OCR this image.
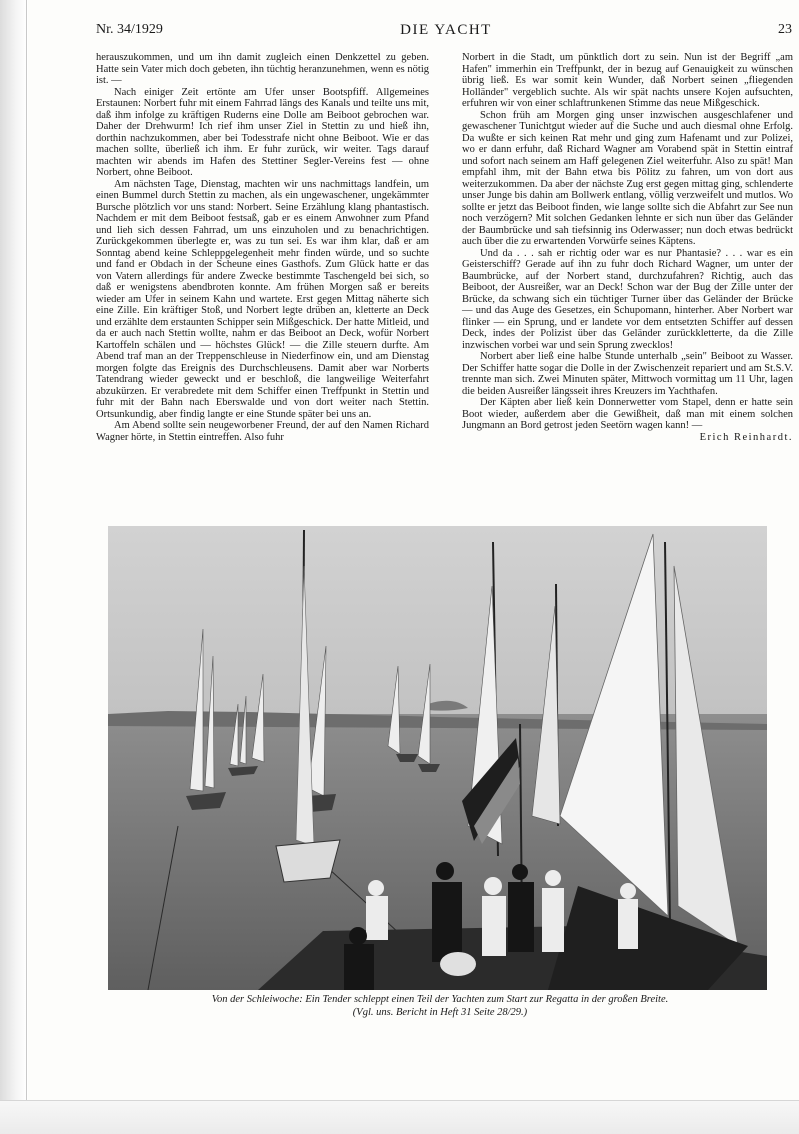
Nr. 34/1929	DIE YACHT	23

herauszukommen, und um ihn damit zugleich einen Denkzettel zu geben. Hatte sein Vater mich doch gebeten, ihn tüchtig heranzunehmen, wenn es nötig ist. —

Nach einiger Zeit ertönte am Ufer unser Bootspfiff. Allgemeines Erstaunen: Norbert fuhr mit einem Fahrrad längs des Kanals und teilte uns mit, daß ihm infolge zu kräftigen Ruderns eine Dolle am Beiboot gebrochen war. Daher der Drehwurm! Ich rief ihm unser Ziel in Stettin zu und hieß ihn, dorthin nachzukommen, aber bei Todesstrafe nicht ohne Beiboot. Wie er das machen sollte, überließ ich ihm. Er fuhr zurück, wir weiter. Tags darauf machten wir abends im Hafen des Stettiner Segler-Vereins fest — ohne Norbert, ohne Beiboot.

Am nächsten Tage, Dienstag, machten wir uns nachmittags landfein, um einen Bummel durch Stettin zu machen, als ein ungewaschener, ungekämmter Bursche plötzlich vor uns stand: Norbert. Seine Erzählung klang phantastisch. Nachdem er mit dem Beiboot festsaß, gab er es einem Anwohner zum Pfand und lieh sich dessen Fahrrad, um uns einzuholen und zu benachrichtigen. Zurückgekommen überlegte er, was zu tun sei. Es war ihm klar, daß er am Sonntag abend keine Schleppgelegenheit mehr finden würde, und so suchte und fand er Obdach in der Scheune eines Gasthofs. Zum Glück hatte er das von Vatern allerdings für andere Zwecke bestimmte Taschengeld bei sich, so daß er wenigstens abendbroten konnte. Am frühen Morgen saß er bereits wieder am Ufer in seinem Kahn und wartete. Erst gegen Mittag näherte sich eine Zille. Ein kräftiger Stoß, und Norbert legte drüben an, kletterte an Deck und erzählte dem erstaunten Schipper sein Mißgeschick. Der hatte Mitleid, und da er auch nach Stettin wollte, nahm er das Beiboot an Deck, wofür Norbert Kartoffeln schälen und — höchstes Glück! — die Zille steuern durfte. Am Abend traf man an der Treppenschleuse in Niederfinow ein, und am Dienstag morgen folgte das Ereignis des Durchschleusens. Damit aber war Norberts Tatendrang wieder geweckt und er beschloß, die langweilige Weiterfahrt abzukürzen. Er verabredete mit dem Schiffer einen Treffpunkt in Stettin und fuhr mit der Bahn nach Eberswalde und von dort weiter nach Stettin. Ortsunkundig, aber findig langte er eine Stunde später bei uns an.

Am Abend sollte sein neugeworbener Freund, der auf den Namen Richard Wagner hörte, in Stettin eintreffen. Also fuhr

Norbert in die Stadt, um pünktlich dort zu sein. Nun ist der Begriff „am Hafen" immerhin ein Treffpunkt, der in bezug auf Genauigkeit zu wünschen übrig ließ. Es war somit kein Wunder, daß Norbert seinen „fliegenden Holländer" vergeblich suchte. Als wir spät nachts unsere Kojen aufsuchten, erfuhren wir von einer schlaftrunkenen Stimme das neue Mißgeschick.

Schon früh am Morgen ging unser inzwischen ausgeschlafener und gewaschener Tunichtgut wieder auf die Suche und auch diesmal ohne Erfolg. Da wußte er sich keinen Rat mehr und ging zum Hafenamt und zur Polizei, wo er dann erfuhr, daß Richard Wagner am Vorabend spät in Stettin eintraf und sofort nach seinem am Haff gelegenen Ziel weiterfuhr. Also zu spät! Man empfahl ihm, mit der Bahn etwa bis Pölitz zu fahren, um von dort aus weiterzukommen. Da aber der nächste Zug erst gegen mittag ging, schlenderte unser Junge bis dahin am Bollwerk entlang, völlig verzweifelt und mutlos. Wo sollte er jetzt das Beiboot finden, wie lange sollte sich die Abfahrt zur See nun noch verzögern? Mit solchen Gedanken lehnte er sich nun über das Geländer der Baumbrücke und sah tiefsinnig ins Oderwasser; nun doch etwas bedrückt auch über die zu erwartenden Vorwürfe seines Käptens.

Und da . . . sah er richtig oder war es nur Phantasie? . . . war es ein Geisterschiff? Gerade auf ihn zu fuhr doch Richard Wagner, um unter der Baumbrücke, auf der Norbert stand, durchzufahren? Richtig, auch das Beiboot, der Ausreißer, war an Deck! Schon war der Bug der Zille unter der Brücke, da schwang sich ein tüchtiger Turner über das Geländer der Brücke — und das Auge des Gesetzes, ein Schupomann, hinterher. Aber Norbert war flinker — ein Sprung, und er landete vor dem entsetzten Schiffer auf dessen Deck, indes der Polizist über das Geländer zurückkletterte, da die Zille inzwischen vorbei war und sein Sprung zwecklos!

Norbert aber ließ eine halbe Stunde unterhalb „sein" Beiboot zu Wasser. Der Schiffer hatte sogar die Dolle in der Zwischenzeit repariert und am St.S.V. trennte man sich. Zwei Minuten später, Mittwoch vormittag um 11 Uhr, lagen die beiden Ausreißer längsseit ihres Kreuzers im Yachthafen.

Der Käpten aber ließ kein Donnerwetter vom Stapel, denn er hatte sein Boot wieder, außerdem aber die Gewißheit, daß man mit einem solchen Jungmann an Bord getrost jeden Seetörn wagen kann! —

Erich Reinhardt.
Von der Schleiwoche: Ein Tender schleppt einen Teil der Yachten zum Start zur Regatta in der großen Breite.
(Vgl. uns. Bericht in Heft 31 Seite 28/29.)
